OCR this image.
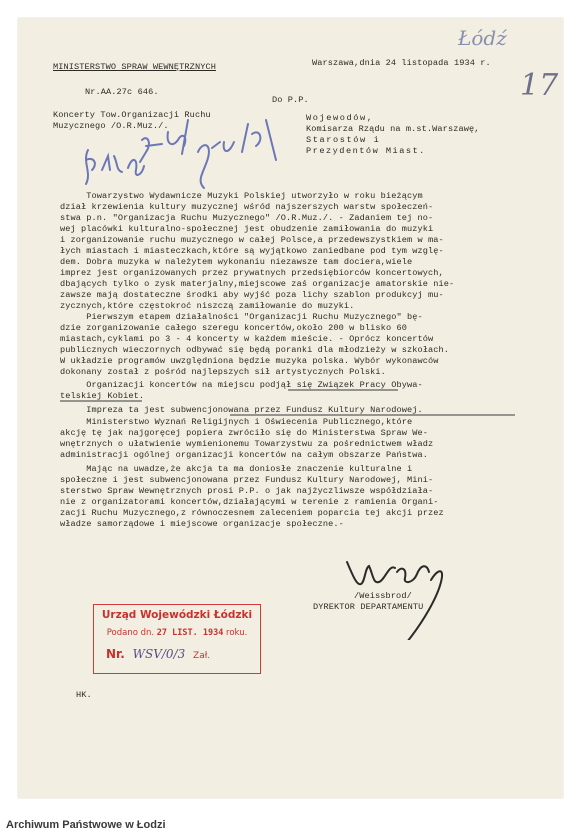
MINISTERSTWO SPRAW WEWNĘTRZNYCH	Warszawa,dnia 24 listopada 1934 r.
Nr.AA.27c 646.
Koncerty Tow.Organizacji Ruchu
Muzycznego /O.R.Muz./.
Do P.P.
Wojewodów,
Komisarza Rządu na m.st.Warszawę,
Starostów i
Prezydentów Miast.
Łódź
17
Towarzystwo Wydawnicze Muzyki Polskiej utworzyło w roku bieżącym
dział krzewienia kultury muzycznej wśród najszerszych warstw społeczeń-
stwa p.n. "Organizacja Ruchu Muzycznego" /O.R.Muz./. - Zadaniem tej no-
wej placówki kulturalno-społecznej jest obudzenie zamiłowania do muzyki
i zorganizowanie ruchu muzycznego w całej Polsce,a przedewszystkiem w ma-
łych miastach i miasteczkach,które są wyjątkowo zaniedbane pod tym wzglę-
dem. Dobra muzyka w należytem wykonaniu niezawsze tam dociera,wiele
imprez jest organizowanych przez prywatnych przedsiębiorców koncertowych,
dbających tylko o zysk materjalny,miejscowe zaś organizacje amatorskie nie-
zawsze mają dostateczne środki aby wyjść poza lichy szablon produkcyj mu-
zycznych,które częstokroć niszczą zamiłowanie do muzyki.
Pierwszym etapem działalności "Organizacji Ruchu Muzycznego" bę-
dzie zorganizowanie całego szeregu koncertów,około 200 w blisko 60
miastach,cyklami po 3 - 4 koncerty w każdem mieście. - Oprócz koncertów
publicznych wieczornych odbywać się będą poranki dla młodzieży w szkołach.
W układzie programów uwzględniona będzie muzyka polska. Wybór wykonawców
dokonany został z pośród najlepszych sił artystycznych Polski.
Organizacji koncertów na miejscu podjął się Związek Pracy Obywa-
telskiej Kobiet.
Impreza ta jest subwencjonowana przez Fundusz Kultury Narodowej.
Ministerstwo Wyznań Religijnych i Oświecenia Publicznego,które
akcję tę jak najgoręcej popiera zwróciło się do Ministerstwa Spraw We-
wnętrznych o ułatwienie wymienionemu Towarzystwu za pośrednictwem władz
administracji ogólnej organizacji koncertów na całym obszarze Państwa.
Mając na uwadze,że akcja ta ma doniosłe znaczenie kulturalne i
społeczne i jest subwencjonowana przez Fundusz Kultury Narodowej, Mini-
sterstwo Spraw Wewnętrznych prosi P.P. o jak najżyczliwsze współdziała-
nie z organizatorami koncertów,działającymi w terenie z ramienia Organi-
zacji Ruchu Muzycznego,z równoczesnem zaleceniem poparcia tej akcji przez
władze samorządowe i miejscowe organizacje społeczne.-
/Weissbrod/
DYREKTOR DEPARTAMENTU
HK.
Urząd Wojewódzki Łódzki
Podano dn. 27 LIST. 1934 roku.
Nr. WSV/0/3 Zał.
Archiwum Państwowe w Łodzi
